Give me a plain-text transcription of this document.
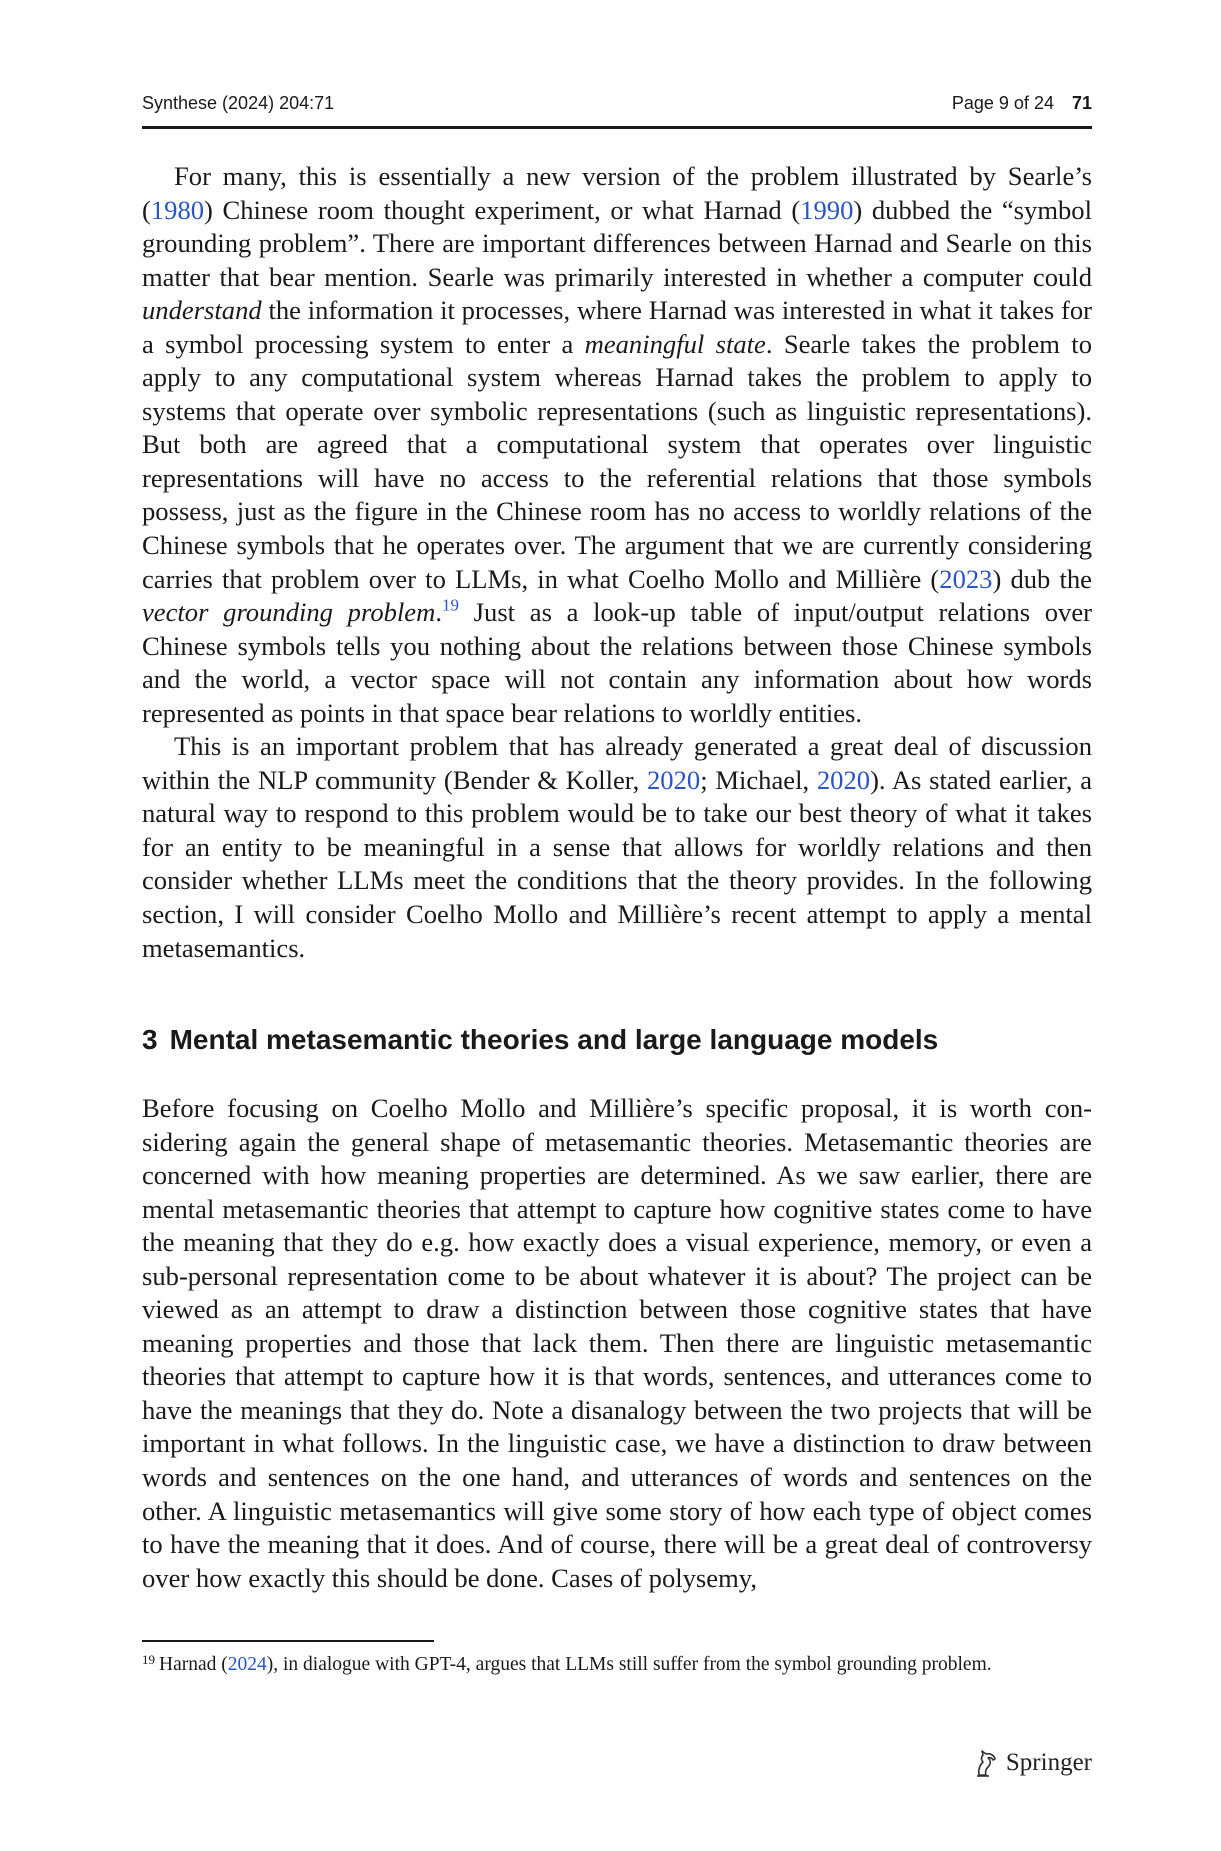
Synthese (2024) 204:71	Page 9 of 24 71

For many, this is essentially a new version of the problem illustrated by Searle’s (1980) Chinese room thought experiment, or what Harnad (1990) dubbed the “symbol grounding problem”. There are important differences between Harnad and Searle on this matter that bear mention. Searle was primarily interested in whether a computer could understand the information it processes, where Harnad was interested in what it takes for a symbol processing system to enter a meaningful state. Searle takes the problem to apply to any computational system whereas Harnad takes the problem to apply to systems that operate over symbolic representations (such as linguistic representations). But both are agreed that a computational system that operates over linguistic representations will have no access to the referential relations that those symbols possess, just as the figure in the Chinese room has no access to worldly relations of the Chinese symbols that he operates over. The argument that we are currently considering carries that problem over to LLMs, in what Coelho Mollo and Millière (2023) dub the vector grounding problem.$^{19}$ Just as a look-up table of input/output relations over Chinese symbols tells you nothing about the relations between those Chinese symbols and the world, a vector space will not contain any information about how words represented as points in that space bear relations to worldly entities.

This is an important problem that has already generated a great deal of discussion within the NLP community (Bender & Koller, 2020; Michael, 2020). As stated earlier, a natural way to respond to this problem would be to take our best theory of what it takes for an entity to be meaningful in a sense that allows for worldly relations and then consider whether LLMs meet the conditions that the theory provides. In the following section, I will consider Coelho Mollo and Millière’s recent attempt to apply a mental metasemantics.

3 Mental metasemantic theories and large language models

Before focusing on Coelho Mollo and Millière’s specific proposal, it is worth considering again the general shape of metasemantic theories. Metasemantic theories are concerned with how meaning properties are determined. As we saw earlier, there are mental metasemantic theories that attempt to capture how cognitive states come to have the meaning that they do e.g. how exactly does a visual experience, memory, or even a sub-personal representation come to be about whatever it is about? The project can be viewed as an attempt to draw a distinction between those cognitive states that have meaning properties and those that lack them. Then there are linguistic metasemantic theories that attempt to capture how it is that words, sentences, and utterances come to have the meanings that they do. Note a disanalogy between the two projects that will be important in what follows. In the linguistic case, we have a distinction to draw between words and sentences on the one hand, and utterances of words and sentences on the other. A linguistic metasemantics will give some story of how each type of object comes to have the meaning that it does. And of course, there will be a great deal of controversy over how exactly this should be done. Cases of polysemy,

$^{19}$ Harnad (2024), in dialogue with GPT-4, argues that LLMs still suffer from the symbol grounding problem.
Springer
